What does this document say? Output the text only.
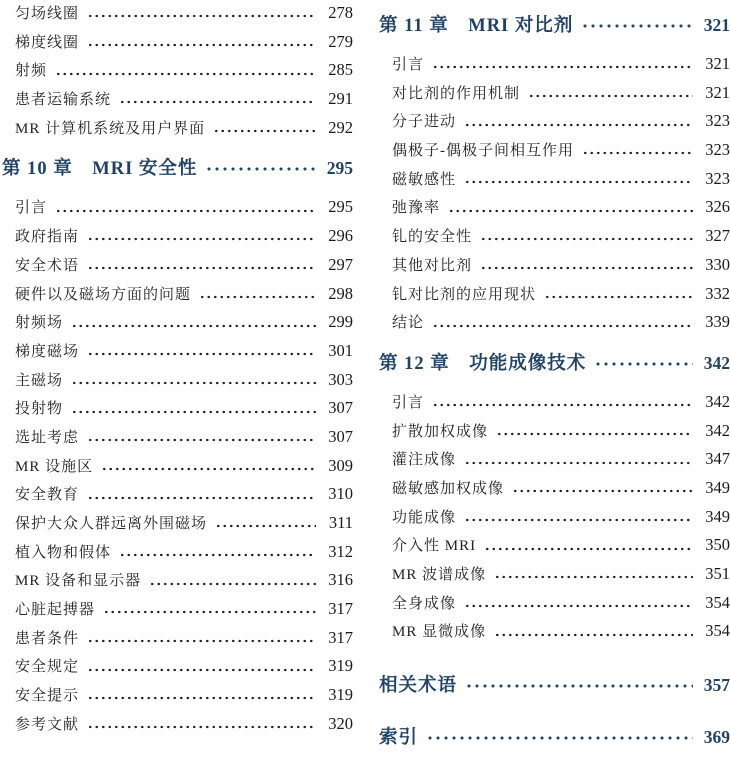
匀场线圈	278
梯度线圈	279
射频	285
患者运输系统	291
MR 计算机系统及用户界面	292
第 10 章　MRI 安全性	295
引言	295
政府指南	296
安全术语	297
硬件以及磁场方面的问题	298
射频场	299
梯度磁场	301
主磁场	303
投射物	307
选址考虑	307
MR 设施区	309
安全教育	310
保护大众人群远离外围磁场	311
植入物和假体	312
MR 设备和显示器	316
心脏起搏器	317
患者条件	317
安全规定	319
安全提示	319
参考文献	320
第 11 章　MRI 对比剂	321
引言	321
对比剂的作用机制	321
分子进动	323
偶极子-偶极子间相互作用	323
磁敏感性	323
弛豫率	326
钆的安全性	327
其他对比剂	330
钆对比剂的应用现状	332
结论	339
第 12 章　功能成像技术	342
引言	342
扩散加权成像	342
灌注成像	347
磁敏感加权成像	349
功能成像	349
介入性 MRI	350
MR 波谱成像	351
全身成像	354
MR 显微成像	354
相关术语	357
索引	369
